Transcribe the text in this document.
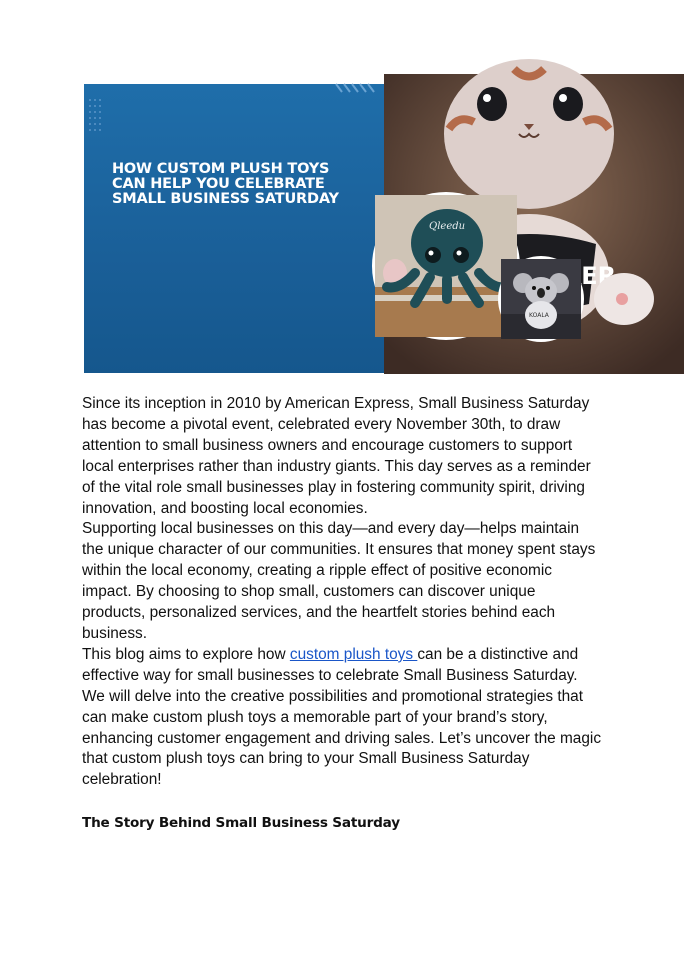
HOW CUSTOM PLUSH TOYS
CAN HELP YOU CELEBRATE
SMALL BUSINESS SATURDAY
Qleedu
KOALA

Since its inception in 2010 by American Express, Small Business Saturday has become a pivotal event, celebrated every November 30th, to draw attention to small business owners and encourage customers to support local enterprises rather than industry giants. This day serves as a reminder of the vital role small businesses play in fostering community spirit, driving innovation, and boosting local economies.

Supporting local businesses on this day—and every day—helps maintain the unique character of our communities. It ensures that money spent stays within the local economy, creating a ripple effect of positive economic impact. By choosing to shop small, customers can discover unique products, personalized services, and the heartfelt stories behind each business.

This blog aims to explore how custom plush toys can be a distinctive and effective way for small businesses to celebrate Small Business Saturday. We will delve into the creative possibilities and promotional strategies that can make custom plush toys a memorable part of your brand’s story, enhancing customer engagement and driving sales. Let’s uncover the magic that custom plush toys can bring to your Small Business Saturday celebration!

The Story Behind Small Business Saturday
